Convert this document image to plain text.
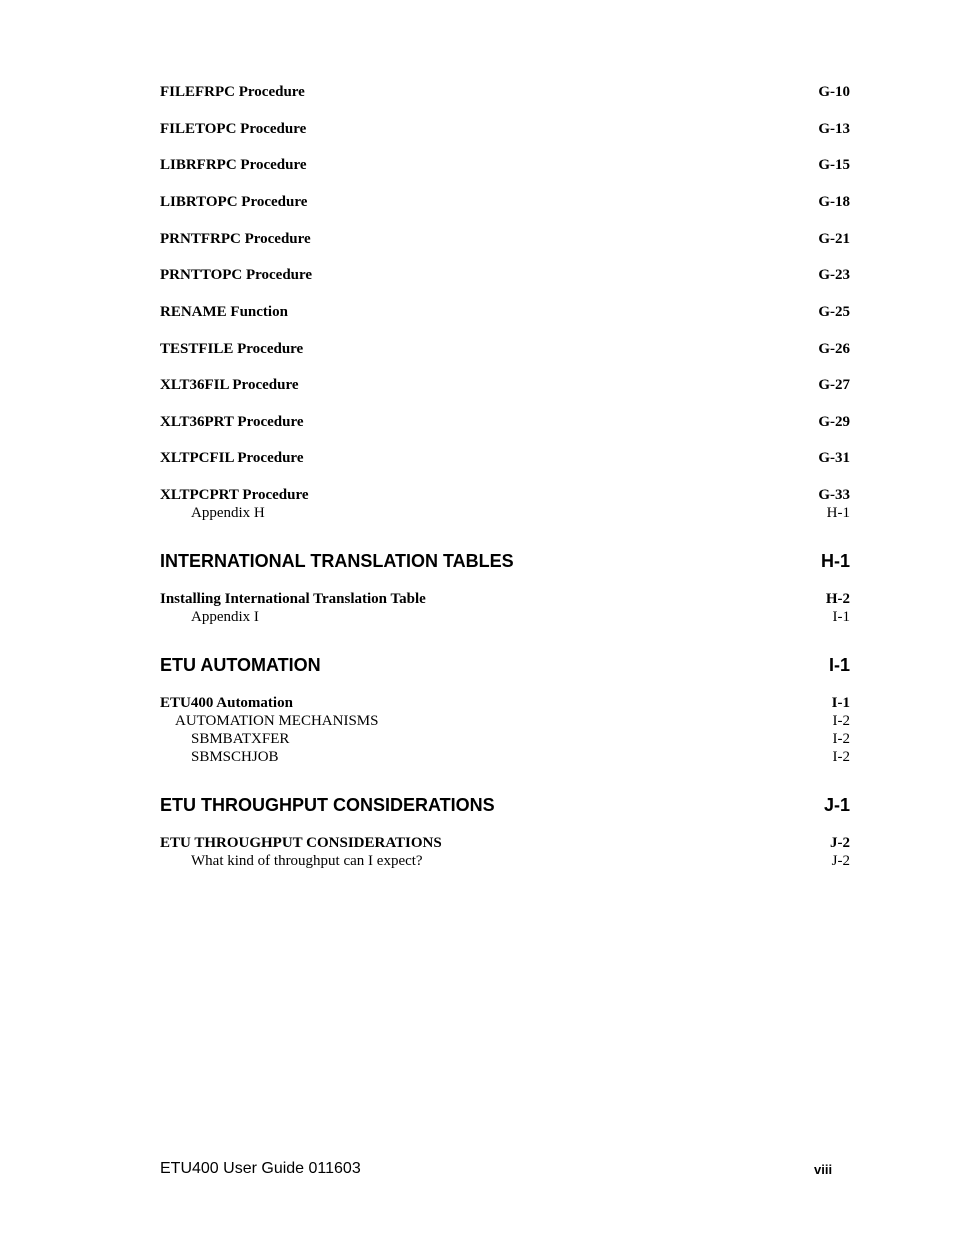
FILEFRPC Procedure	G-10
FILETOPC Procedure	G-13
LIBRFRPC Procedure	G-15
LIBRTOPC Procedure	G-18
PRNTFRPC Procedure	G-21
PRNTTOPC Procedure	G-23
RENAME Function	G-25
TESTFILE Procedure	G-26
XLT36FIL Procedure	G-27
XLT36PRT Procedure	G-29
XLTPCFIL Procedure	G-31
XLTPCPRT Procedure	G-33
Appendix H	H-1
INTERNATIONAL TRANSLATION TABLES	H-1
Installing International Translation Table	H-2
Appendix I	I-1
ETU AUTOMATION	I-1
ETU400 Automation	I-1
AUTOMATION MECHANISMS	I-2
SBMBATXFER	I-2
SBMSCHJOB	I-2
ETU THROUGHPUT CONSIDERATIONS	J-1
ETU THROUGHPUT CONSIDERATIONS	J-2
What kind of throughput can I expect?	J-2
ETU400 User Guide 011603	viii
